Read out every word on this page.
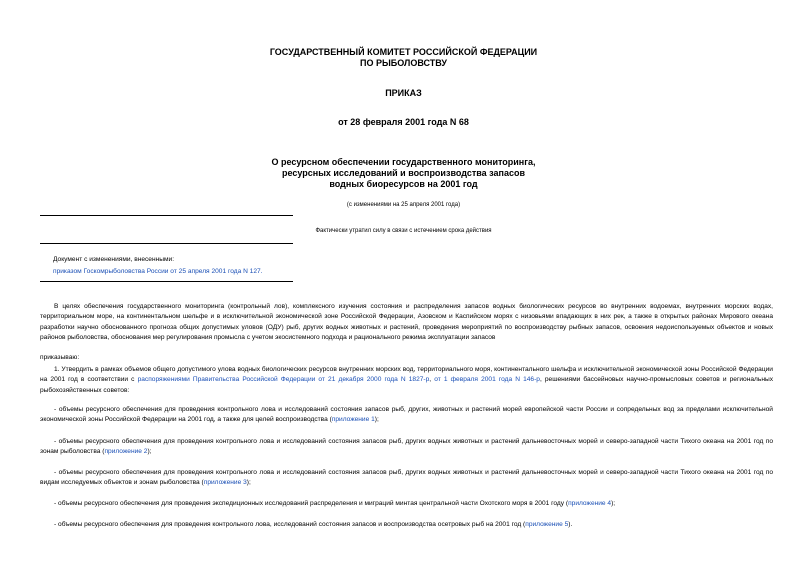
ГОСУДАРСТВЕННЫЙ КОМИТЕТ РОССИЙСКОЙ ФЕДЕРАЦИИ
ПО РЫБОЛОВСТВУ
ПРИКАЗ
от 28 февраля 2001 года N 68
О ресурсном обеспечении государственного мониторинга,
ресурсных исследований и воспроизводства запасов
водных биоресурсов на 2001 год
(с изменениями на 25 апреля 2001 года)
Фактически утратил силу в связи с истечением срока действия
Документ с изменениями, внесенными:
приказом Госкомрыболовства России от 25 апреля 2001 года N 127.
В целях обеспечения государственного мониторинга (контрольный лов), комплексного изучения состояния и распределения запасов водных биологических ресурсов во внутренних водоемах, внутренних морских водах, территориальном море, на континентальном шельфе и в исключительной экономической зоне Российской Федерации, Азовском и Каспийском морях с низовьями впадающих в них рек, а также в открытых районах Мирового океана разработки научно обоснованного прогноза общих допустимых уловов (ОДУ) рыб, других водных животных и растений, проведения мероприятий по воспроизводству рыбных запасов, освоения недоиспользуемых объектов и новых районов рыболовства, обоснования мер регулирования промысла с учетом экосистемного подхода и рационального режима эксплуатации запасов
приказываю:
1. Утвердить в рамках объемов общего допустимого улова водных биологических ресурсов внутренних морских вод, территориального моря, континентального шельфа и исключительной экономической зоны Российской Федерации на 2001 год в соответствии с распоряжениями Правительства Российской Федерации от 21 декабря 2000 года N 1827-р, от 1 февраля 2001 года N 146-р, решениями бассейновых научно-промысловых советов и региональных рыбохозяйственных советов:
- объемы ресурсного обеспечения для проведения контрольного лова и исследований состояния запасов рыб, других, животных и растений морей европейской части России и сопредельных вод за пределами исключительной экономической зоны Российской Федерации на 2001 год, а также для целей воспроизводства (приложение 1);
- объемы ресурсного обеспечения для проведения контрольного лова и исследований состояния запасов рыб, других водных животных и растений дальневосточных морей и северо-западной части Тихого океана на 2001 год по зонам рыболовства (приложение 2);
- объемы ресурсного обеспечения для проведения контрольного лова и исследований состояния запасов рыб, других водных животных и растений дальневосточных морей и северо-западной части Тихого океана на 2001 год по видам исследуемых объектов и зонам рыболовства (приложение 3);
- объемы ресурсного обеспечения для проведения экспедиционных исследований распределения и миграций минтая центральной части Охотского моря в 2001 году (приложение 4);
- объемы ресурсного обеспечения для проведения контрольного лова, исследований состояния запасов и воспроизводства осетровых рыб на 2001 год (приложение 5).
